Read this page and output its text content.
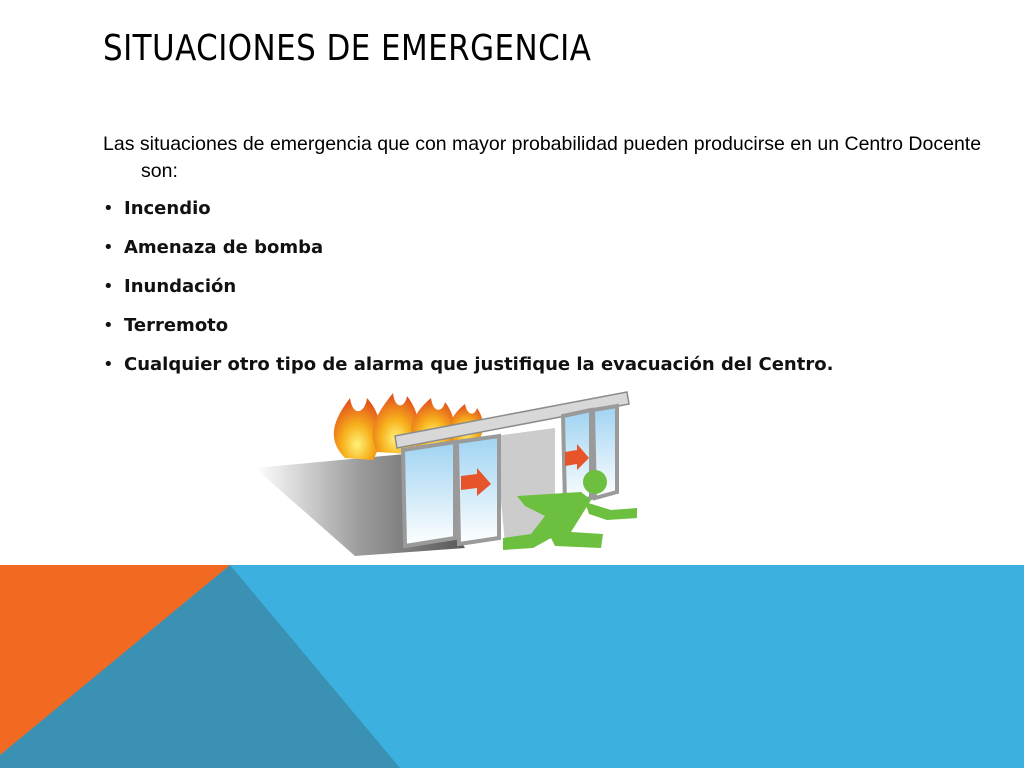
SITUACIONES DE EMERGENCIA

Las situaciones de emergencia que con mayor probabilidad pueden producirse en un Centro Docente son:

• Incendio
• Amenaza de bomba
• Inundación
• Terremoto
• Cualquier otro tipo de alarma que justifique la evacuación del Centro.
